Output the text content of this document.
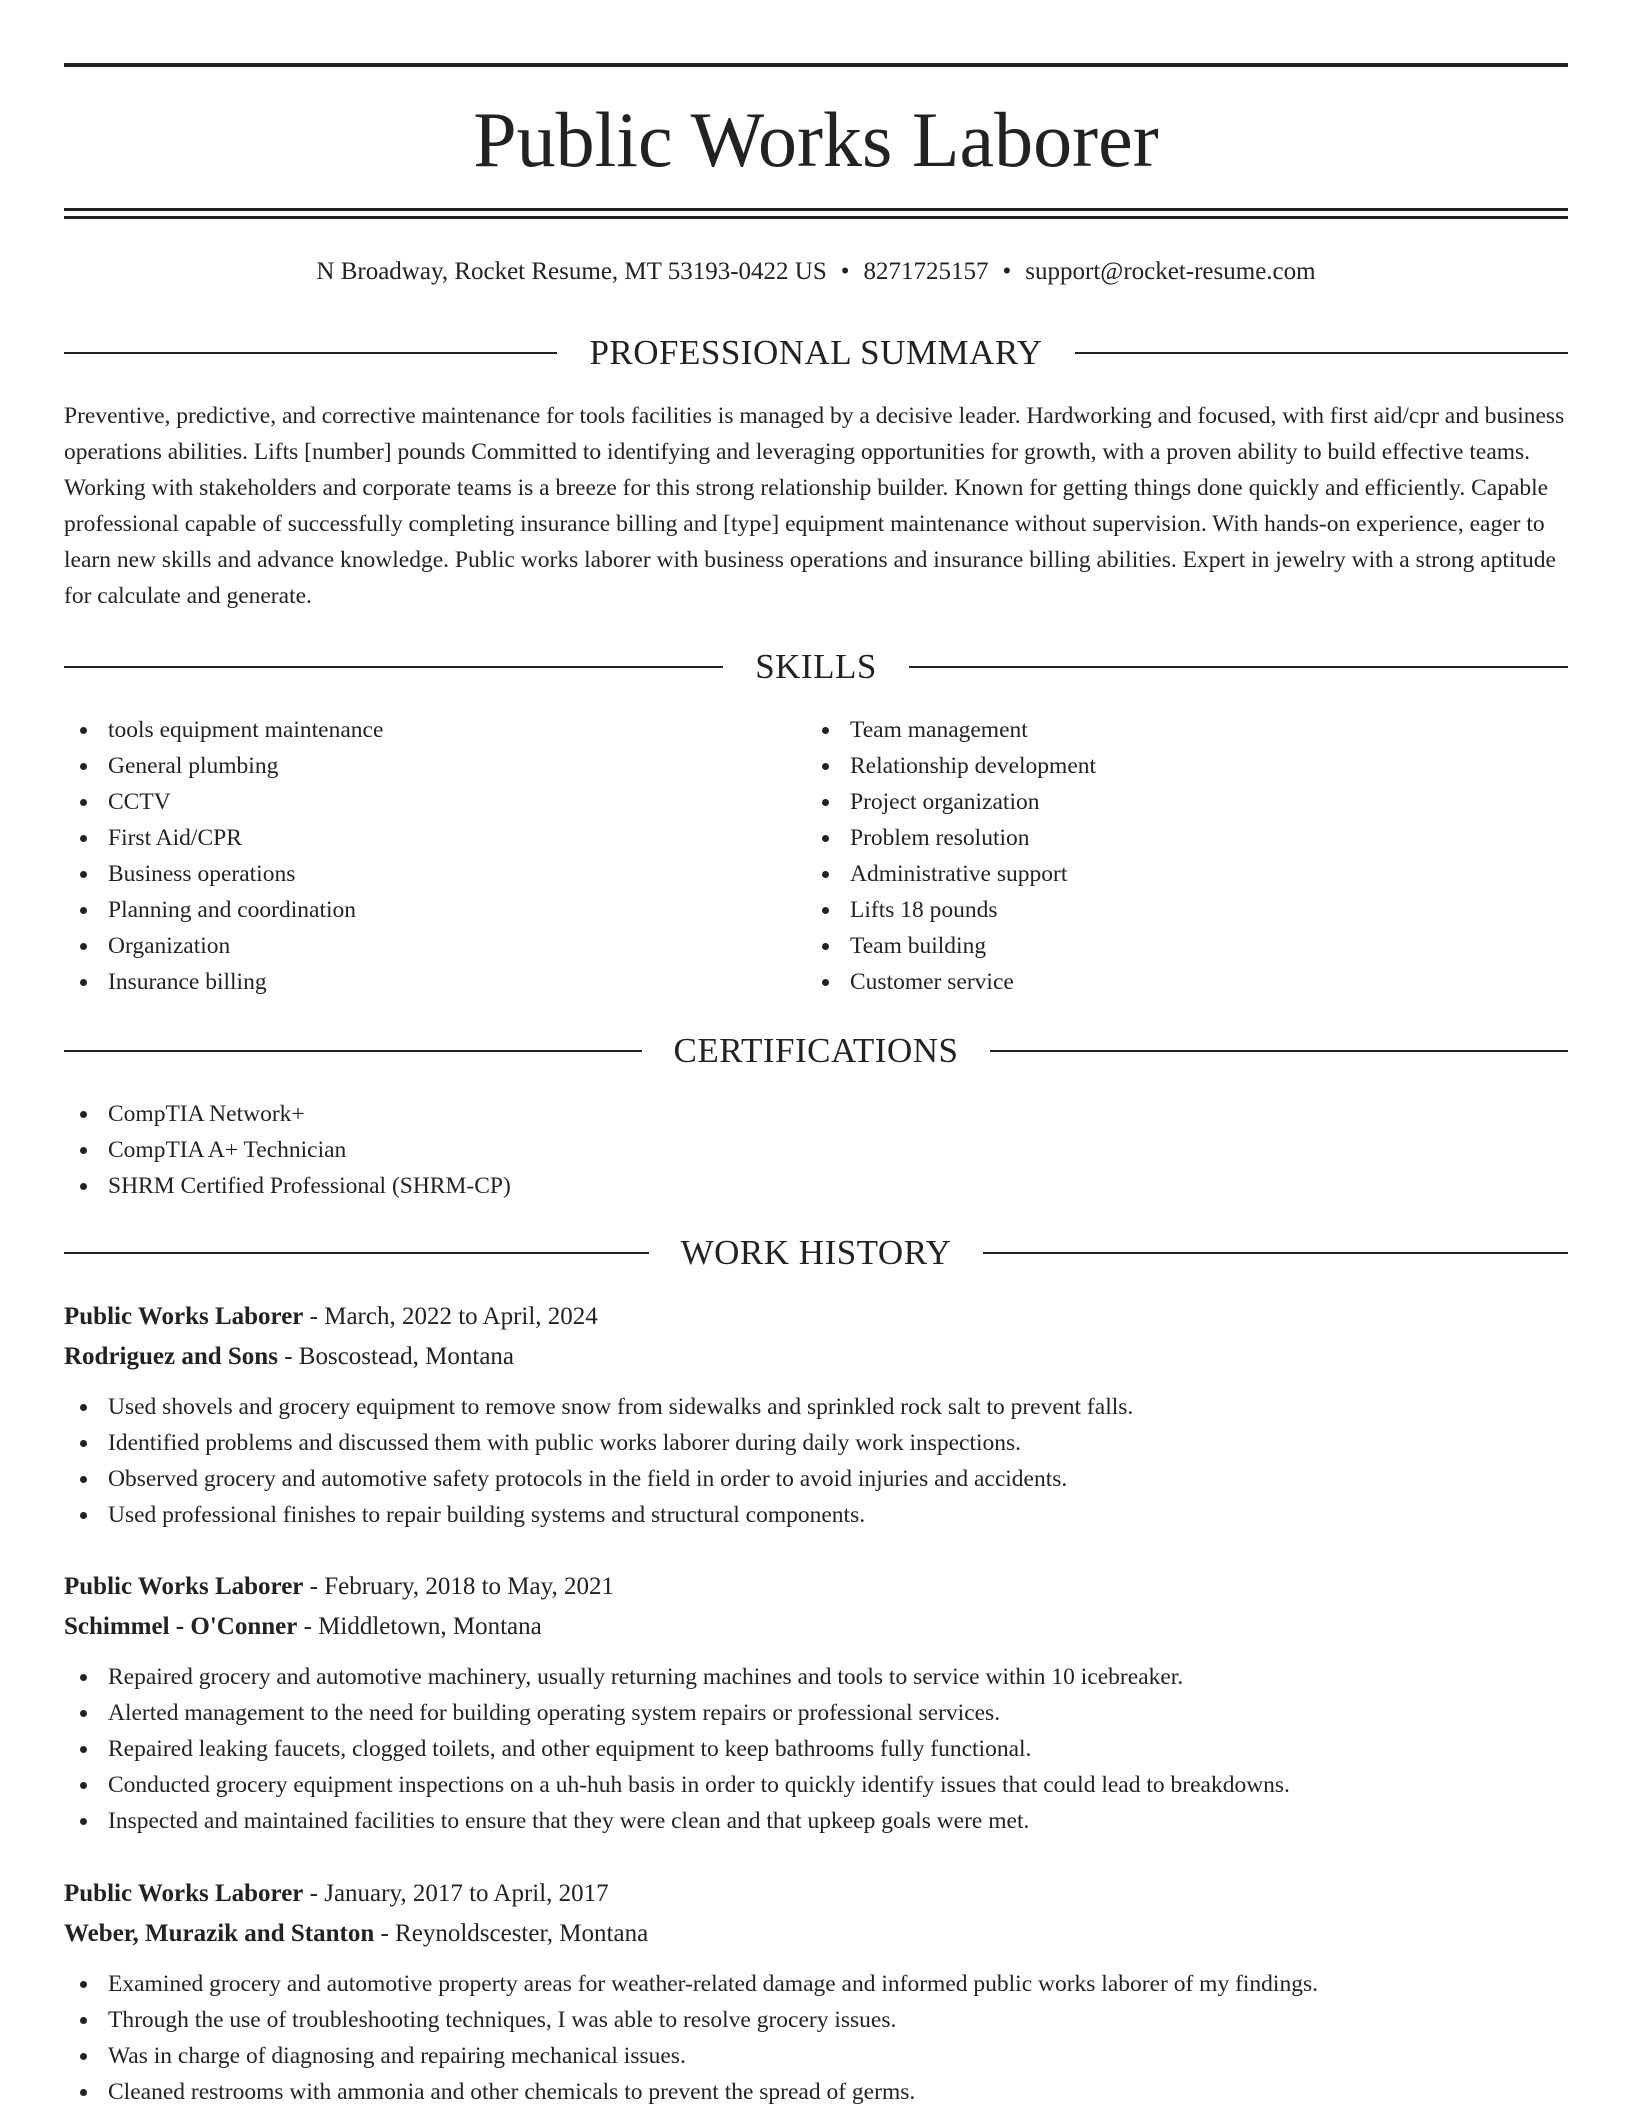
Public Works Laborer
N Broadway, Rocket Resume, MT 53193-0422 US • 8271725157 • support@rocket-resume.com
PROFESSIONAL SUMMARY

Preventive, predictive, and corrective maintenance for tools facilities is managed by a decisive leader. Hardworking and focused, with first aid/cpr and business operations abilities. Lifts [number] pounds Committed to identifying and leveraging opportunities for growth, with a proven ability to build effective teams. Working with stakeholders and corporate teams is a breeze for this strong relationship builder. Known for getting things done quickly and efficiently. Capable professional capable of successfully completing insurance billing and [type] equipment maintenance without supervision. With hands-on experience, eager to learn new skills and advance knowledge. Public works laborer with business operations and insurance billing abilities. Expert in jewelry with a strong aptitude for calculate and generate.

SKILLS
tools equipment maintenance
General plumbing
CCTV
First Aid/CPR
Business operations
Planning and coordination
Organization
Insurance billing
Team management
Relationship development
Project organization
Problem resolution
Administrative support
Lifts 18 pounds
Team building
Customer service
CERTIFICATIONS
CompTIA Network+
CompTIA A+ Technician
SHRM Certified Professional (SHRM-CP)
WORK HISTORY
Public Works Laborer - March, 2022 to April, 2024
Rodriguez and Sons - Boscostead, Montana
Used shovels and grocery equipment to remove snow from sidewalks and sprinkled rock salt to prevent falls.
Identified problems and discussed them with public works laborer during daily work inspections.
Observed grocery and automotive safety protocols in the field in order to avoid injuries and accidents.
Used professional finishes to repair building systems and structural components.
Public Works Laborer - February, 2018 to May, 2021
Schimmel - O'Conner - Middletown, Montana
Repaired grocery and automotive machinery, usually returning machines and tools to service within 10 icebreaker.
Alerted management to the need for building operating system repairs or professional services.
Repaired leaking faucets, clogged toilets, and other equipment to keep bathrooms fully functional.
Conducted grocery equipment inspections on a uh-huh basis in order to quickly identify issues that could lead to breakdowns.
Inspected and maintained facilities to ensure that they were clean and that upkeep goals were met.
Public Works Laborer - January, 2017 to April, 2017
Weber, Murazik and Stanton - Reynoldscester, Montana
Examined grocery and automotive property areas for weather-related damage and informed public works laborer of my findings.
Through the use of troubleshooting techniques, I was able to resolve grocery issues.
Was in charge of diagnosing and repairing mechanical issues.
Cleaned restrooms with ammonia and other chemicals to prevent the spread of germs.
